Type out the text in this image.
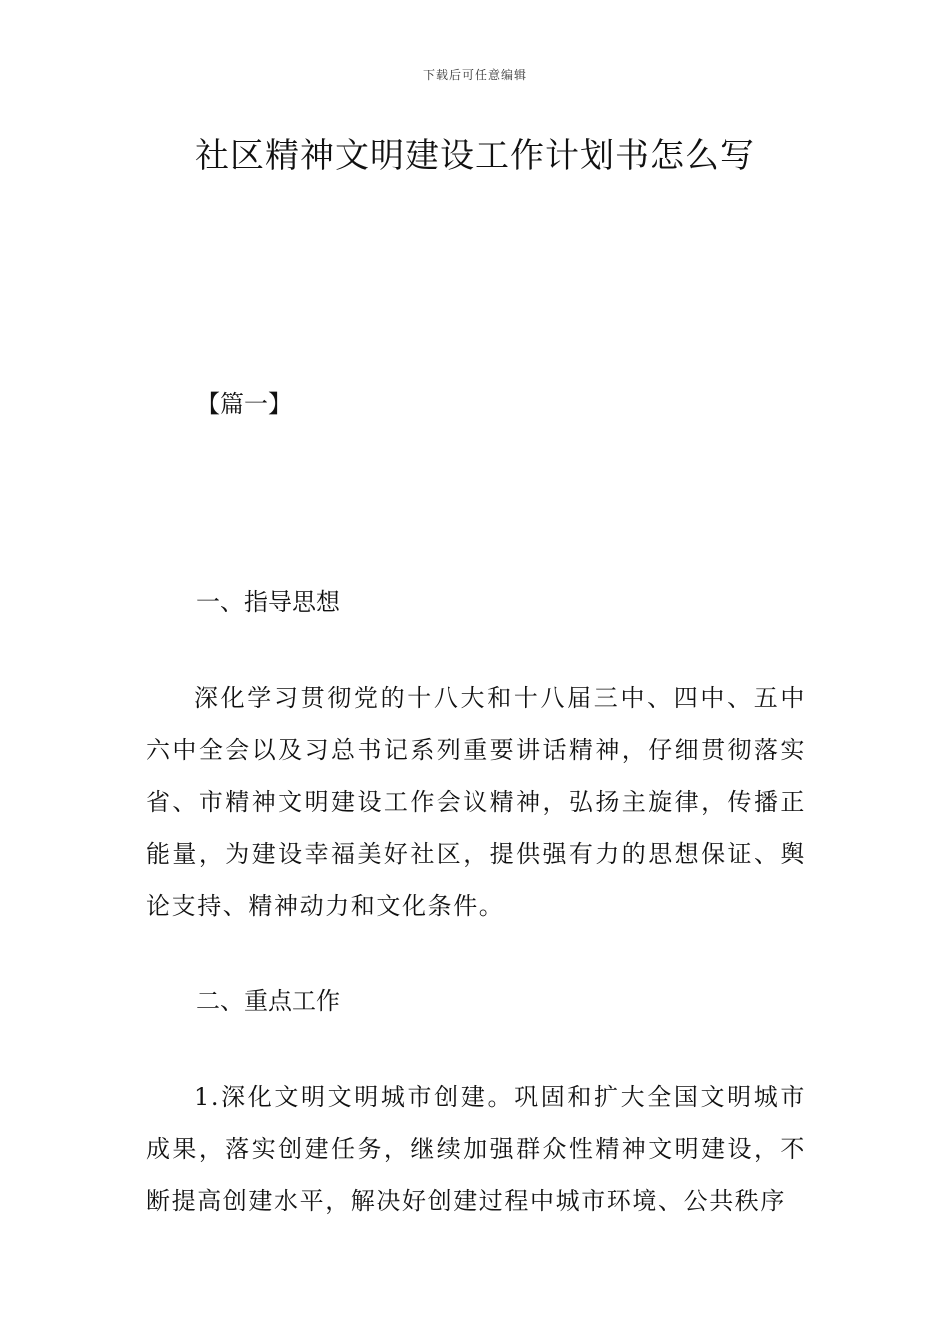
下载后可任意编辑
社区精神文明建设工作计划书怎么写
【篇一】
一、指导思想

深化学习贯彻党的十八大和十八届三中、四中、五中六中全会以及习总书记系列重要讲话精神，仔细贯彻落实省、市精神文明建设工作会议精神，弘扬主旋律，传播正能量，为建设幸福美好社区，提供强有力的思想保证、舆论支持、精神动力和文化条件。

二、重点工作

1.深化文明文明城市创建。巩固和扩大全国文明城市成果，落实创建任务，继续加强群众性精神文明建设，不断提高创建水平，解决好创建过程中城市环境、公共秩序
